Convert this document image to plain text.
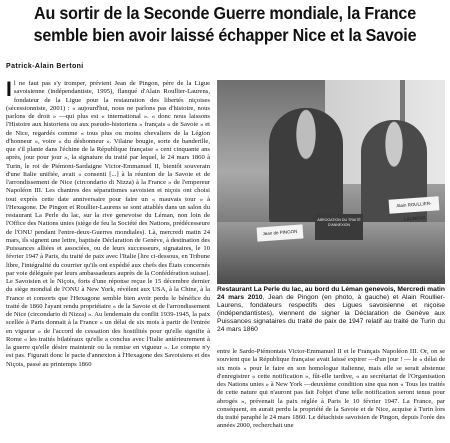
Au sortir de la Seconde Guerre mondiale, la France semble bien avoir laissé échapper Nice et la Savoie
Patrick-Alain Bertoni

I l ne faut pas s'y tromper, prévient Jean de Pingon, père de la Ligue savoisienne (indépendantiste, 1995), flanqué d'Alain Roullier-Laurens, fondateur de la Ligue pour la restauration des libertés niçoises (sécessionniste, 2001) : « aujourd'hui, nous ne parlons pas d'histoire, nous parlons de droit » —qui plus est « international ». « donc nous laissons l'Histoire aux historiens ou aux pseudo-historiens » français « de Savoie » et de Nice, regardés comme « tous plus ou moins chevaliers de la Légion d'honneur », voire « du déshonneur ». Vilaine bougie, sorte de banderille, que s'il plante dans l'échine de la République française « cent cinquante ans après, jour pour jour », la signature du traité par lequel, le 24 mars 1860 à Turin, le roi de Piémont-Sardaigne Victor-Emmanuel II, bientôt souverain d'une Italie unifiée, avait « consenti [...] à la réunion de la Savoie et de l'arrondissement de Nice (circondario di Nizza) à la France » de l'empereur Napoléon III. Les chantres des séparatismes savoisien et niçois ont choisi tout exprès cette date anniversaire pour faire un « mauvais tour » à l'Hexagone. De Pingon et Roullier-Laurens se sont attablés dans un salon du restaurant La Perle du lac, sur la rive genevoise du Léman, non loin de l'Office des Nations unies (siège de feu la Société des Nations, prédécesseure de l'ONU pendant l'entre-deux-Guerres mondiales). Là, mercredi matin 24 mars, ils signent une lettre, baptisée Déclaration de Genève, à destination des Puissances alliées et associées, ou de leurs successeurs, signataires, le 10 février 1947 à Paris, du traité de paix avec l'Italie [lire ci-dessous, en Tribune libre, l'intégralité du courrier qu'ils ont expédié aux chefs des États concernés par voie déléguée par leurs ambassadeurs auprès de la Confédération suisse]. Le Savoisien et le Niçois, forts d'une réponse reçue le 15 décembre dernier du siège mondial de l'ONU à New York, révèlent aux USA, à la Chine, à la France et consorts que l'Hexagone semble bien avoir perdu le bénéfice du traité de 1860 l'ayant rendu propriétaire « de la Savoie et de l'arrondissement de Nice (circondario di Nizza) ». Au lendemain du conflit 1939-1945, la paix scellée à Paris donnait à la France « un délai de six mois à partir de l'entrée en vigueur » de l'accord de cessation des hostilités pour qu'elle signifie à Rome « les traités bilatéraux qu'elle a conclus avec l'Italie antérieurement à la guerre qu'elle désire maintenir ou la remise en vigueur ». Le compte n'y est pas. Figurait donc le pacte d'annexion à l'Hexagone des Savoisiens et des Niçois, passé au printemps 1860

Jean de PINGON
ABROGATION DU TRAITÉ D'ANNEXION
Alain ROULLIER-LAURENS
Restaurant La Perle du lac, au bord du Léman genevois, Mercredi matin 24 mars 2010, Jean de Pingon (en photo, à gauche) et Alain Roullier-Laurens, fondateurs respectifs des Ligues savoisienne et niçoise (indépendantistes), viennent de signer la Déclaration de Genève aux Puissances signataires du traité de paix de 1947 relatif au traité de Turin du 24 mars 1860

entre le Sardo-Piémontais Victor-Emmanuel II et le Français Napoléon III. Or, on se souvient que la République française avait laissé expirer —d'un jour ! — le « délai de six mois » pour le faire en son homologue italienne, mais elle se serait abstenue d'enregistrer « cette notification », fût-elle tardive, « au secrétariat de l'Organisation des Nations unies » à New York —deuxième condition sine qua non « Tous les traités de cette nature qui n'auront pas fait l'objet d'une telle notification seront tenus pour abrogés », prévenait la paix réglée à Paris le 10 février 1947. La France, par conséquent, en aurait perdu la propriété de la Savoie et de Nice, acquise à Turin lors du traité paraphé le 24 mars 1860. Le détachiste savoisien de Pingon, depuis l'orée des années 2000, recherchait une
